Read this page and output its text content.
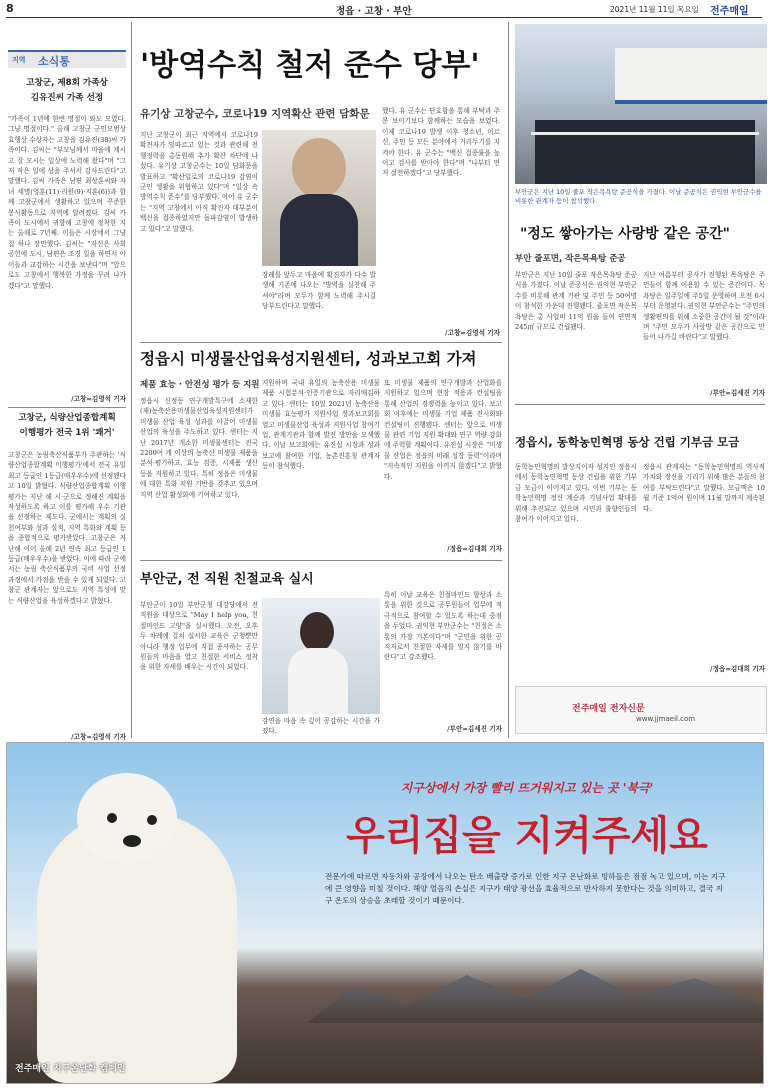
8	정읍 · 고창 · 부안	2021년 11월 11일 목요일 전주매일
지역 소식통
고창군, 제8회 가족상
김유진씨 가족 선정
"가족이 1년에 한번 명절이 와도 모였다. 그냥 명절이다." 올해 고창군 군민모범상 효행상 수상자는 고창읍 김유진(38)씨 가족이다. 김씨는 "부모님께서 마을에 계시고 잘 모시는 일상에 노력해 왔다"며 "그저 작은 일에 상을 주셔서 감사드린다"고 말했다. 김씨 가족은 남편 최상훈씨와 자녀 세명(영훈(11)·리원(9)·지훈(6))과 함께 고창군에서 생활하고 있으며 꾸준한 봉사활동으로 지역에 알려졌다. 김씨 가족이 도시에서 귀향해 고창에 정착한 지는 올해로 7년째. 이들은 시장에서 그냥 집 하나 장만했다. 김씨는 "자신은 사회 공헌에 도시, 남편은 조경 일을 하면서 아이들과 교감하는 시간을 보낸다"며 "앞으로도 고창에서 행복한 가정을 꾸려 나가겠다"고 말했다.
/고창=김영석 기자
고창군, 식량산업종합계획
이행평가 전국 1위 '쾌거'
고창군은 농림축산식품부가 주관하는 '식량산업종합계획 이행평가'에서 전국 유일 최고 등급인 1등급(매우우수)에 선정됐다고 10일 밝혔다. 식량산업종합계획 이행평가는 지난 해 시·군으로 정해진 계획을 작성하도록 하고 이를 평가해 우수 기관을 선정하는 제도다. 군에서는 계획의 실천여부와 성과 실적, 지역 특화와 계획 등을 종합적으로 평가받았다. 고창군은 지난해 이어 올해 2년 연속 최고 등급인 1등급(매우우수)을 받았다. 이에 따라 군에서는 농림 축산식품부의 국비 사업 선정 과정에서 가점을 받을 수 있게 되었다. 고창군 관계자는 앞으로도 지역 특성에 맞는 식량산업을 육성하겠다고 밝혔다.
/고창=김영석 기자
'방역수칙 철저 준수 당부'
유기상 고창군수, 코로나19 지역확산 관련 담화문
지난 고창군이 최근 지역에서 코로나19 확진자가 잇따르고 있는 것과 관련해 전 행정력을 총동원해 추가 확산 차단에 나섰다. 유기상 고창군수는 10일 담화문을 발표하고 "확산일로의 코로나19 감염이 군민 생활을 위협하고 있다"며 "일상 속 방역수칙 준수"를 당부했다. 이어 유 군수는 "지역 고창에서 아직 확진자 대부분이 백신을 접종하였지만 돌파감염이 발생하고 있다"고 말했다.
장례를 앞두고 마을에 확진자가 다수 발생해 기존에 나오는 "방역을 실천해 주셔야"라며 모두가 함께 노력해 주시길 당부드린다고 말했다.
했다. 유 군수는 단호함을 통해 부탁과 주문 보이기보다 함께하는 모습을 보였다. 이제 코로나19 발생 이후 청소년, 어르신, 주민 등 모든 분야에서 거리두기를 지켜야 한다. 유 군수는 "백신 접종률을 높이고 검사를 받아야 한다"며 "나부터 먼저 실천하겠다"고 당부했다.
/고창=김영석 기자
정읍시 미생물산업육성지원센터, 성과보고회 가져
제품 효능 · 안전성 평가 등 지원
정읍시 신정동 연구개발특구에 소재한 (재)농축산용미생물산업육성지원센터가 미생물 산업 육성 성과를 이끌어 미생물 산업의 육성을 주도하고 있다. 센터는 지난 2017년 개소한 미생물센터는 전국 2200여 개 이상의 농축산 미생물 제품을 분석·평가하고, 효능 검증, 시제품 생산 등을 지원하고 있다. 특히 정읍은 미생물에 대한 특화 지원 기반을 갖추고 있으며 지역 산업 활성화에 기여하고 있다.
지원하며 국내 유일의 농축산용 미생물 제품 시험분석·인증기관으로 자리매김하고 있다. 센터는 10일 2021년 농축산용 미생물 효능평가 지원사업 성과보고회를 열고 미생물산업 육성과 지원사업 참여기업, 관계기관과 함께 발전 방안을 모색했다. 이날 보고회에는 유진섭 시장과 성과보고에 참여한 기업, 농촌진흥청 관계자 등이 참석했다.
또 미생물 제품의 연구개발과 산업화를 지원하고 있으며 현장 적용과 컨설팅을 통해 산업의 경쟁력을 높이고 있다. 보고회 이후에는 미생물 기업 제품 전시회와 컨설팅이 진행됐다. 센터는 앞으로 미생물 관련 기업 지원 확대와 연구 역량 강화에 주력할 계획이다. 유진섭 시장은 "미생물 산업은 정읍의 미래 성장 동력"이라며 "지속적인 지원을 아끼지 않겠다"고 밝혔다.
/정읍=김대희 기자
부안군, 전 직원 친절교육 실시
부안군이 10일 부안군청 대강당에서 전 직원을 대상으로 "May I help you, 친절마인드 고양"을 실시했다. 오전, 오후 두 차례에 걸쳐 실시한 교육은 군청뿐만 아니라 행정 업무에 직접 종사하는 공무원들의 마음을 열고 친절한 서비스 정착을 위한 자세를 배우는 시간이 되었다.
강연을 마음 속 깊이 공감하는 시간을 가졌다.
특히 이날 교육은 친절마인드 향상과 소통을 위한 것으로 공무원들이 업무에 적극적으로 참여할 수 있도록 하는데 중점을 두었다. 권익현 부안군수는 "친절은 소통의 가장 기본이다"며 "군민을 위한 공직자로서 친절한 자세를 잊지 않기를 바란다"고 강조했다.
/부안=김세진 기자
부안군은 지난 10일 줄포 작은목욕탕 준공식을 가졌다. 이날 준공식은 권익현 부안군수를 비롯한 관계자 등이 참석했다.
"정도 쌓아가는 사랑방 같은 공간"
부안 줄포면, 작은목욕탕 준공
부안군은 지난 10일 줄포 작은목욕탕 준공식을 가졌다. 이날 준공식은 권익현 부안군수를 비롯해 관계 기관 및 주민 등 50여명이 참석한 가운데 진행됐다. 줄포면 작은목욕탕은 총 사업비 11억 원을 들여 연면적 245㎡ 규모로 건립됐다.
지난 여름부터 공사가 진행된 목욕탕은 주민들이 함께 이용할 수 있는 공간이다. 목욕탕은 일주일에 주5일 운영하며 오전 6시부터 운영된다. 권익현 부안군수는 "주민의 생활편의를 위해 소중한 공간이 될 것"이라며 "주민 모두가 사랑방 같은 공간으로 만들어 나가길 바란다"고 말했다.
/부안=김세진 기자
정읍시, 동학농민혁명 동상 건립 기부금 모금
동학농민혁명의 발상지이자 성지인 정읍시에서 동학농민혁명 동상 건립을 위한 기부금 모금이 이어지고 있다. 이번 기부는 동학농민혁명 정신 계승과 기념사업 확대를 위해 추진되고 있으며 시민과 출향인들의 참여가 이어지고 있다.
정읍시 관계자는 "동학농민혁명의 역사적 가치와 정신을 기리기 위해 많은 분들의 참여를 부탁드린다"고 말했다. 모금액은 10월 기준 1억여 원이며 11월 말까지 계속된다.
/정읍=김대희 기자
전주매일 전자신문
www.jjmaeil.com
지구상에서 가장 빨리 뜨거워지고 있는 곳 '북극'
우리집을 지켜주세요
전문가에 따르면 자동차와 공장에서 나오는 탄소 배출량 증가로 인한 지구 온난화로 빙하들은 점점 녹고 있으며, 이는 지구에 큰 영향을 미칠 것이다. 해양 얼음의 손실은 지구가 태양 광선을 효율적으로 반사하지 못한다는 것을 의미하고, 결국 지구 온도의 상승을 초래할 것이기 때문이다.
전주매일 지구온난화 캠페인
